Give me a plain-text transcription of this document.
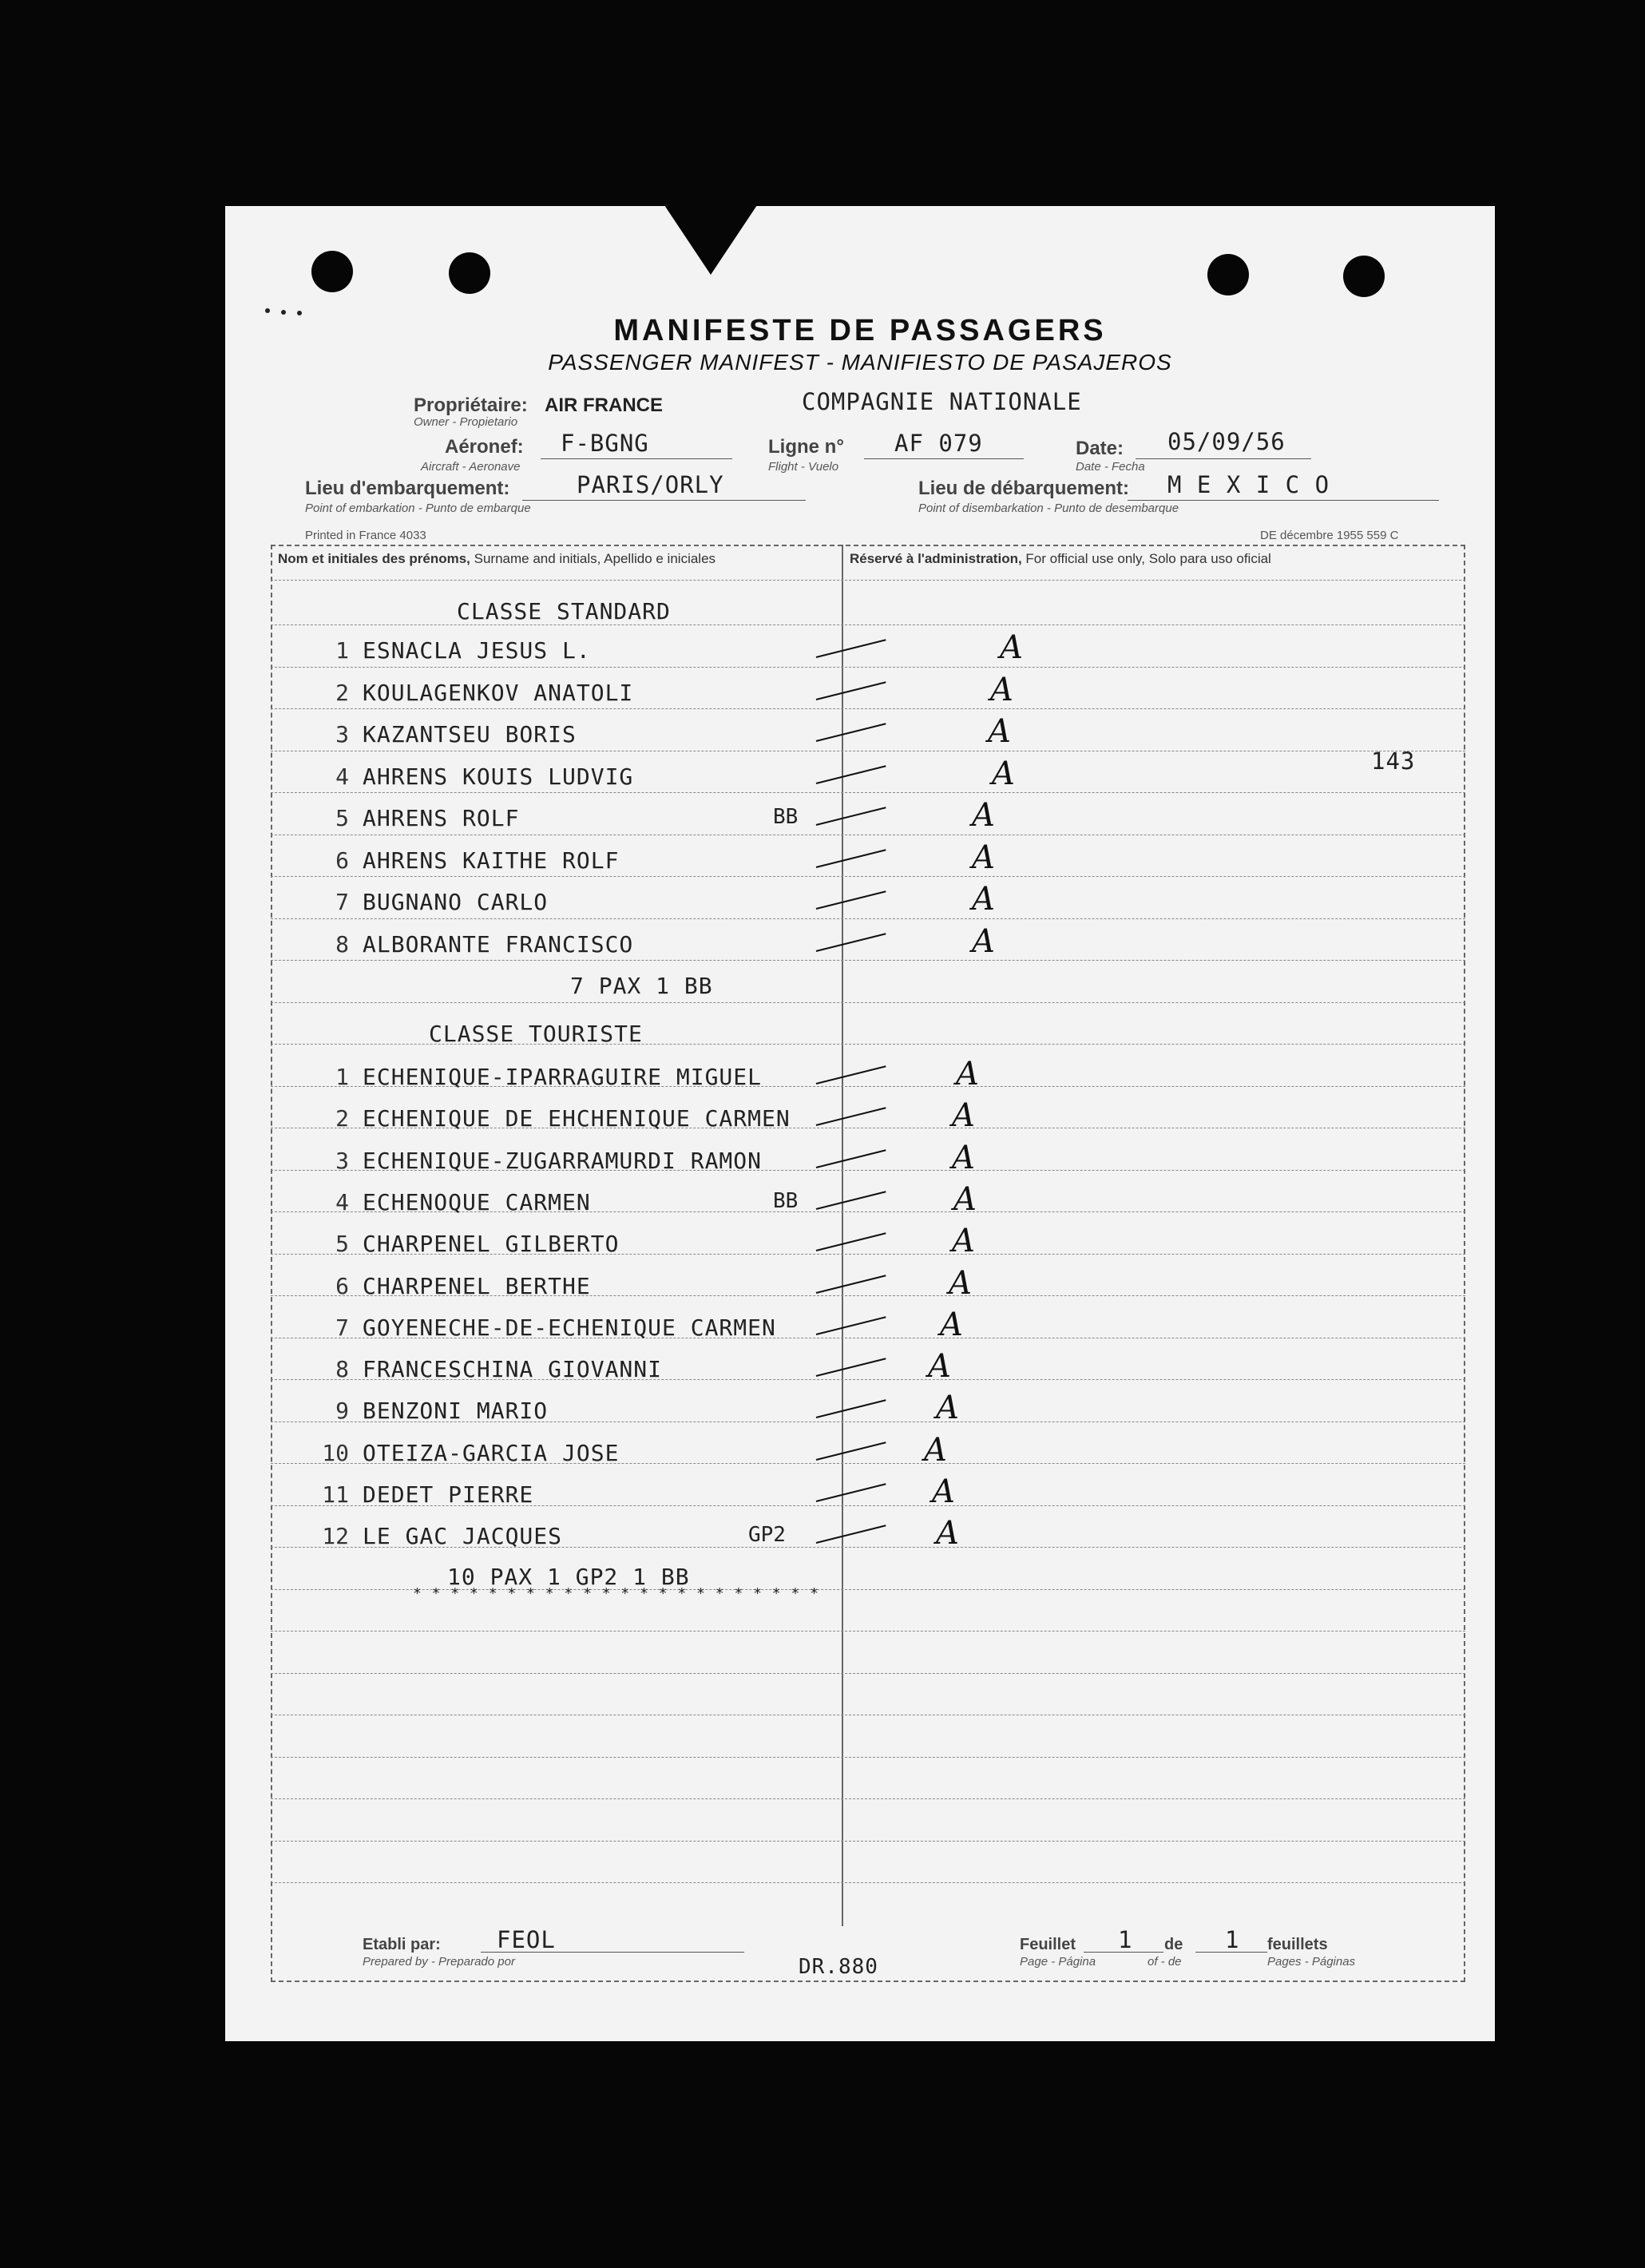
MANIFESTE DE PASSAGERS
PASSENGER MANIFEST - MANIFIESTO DE PASAJEROS
Propriétaire: AIR FRANCE	COMPAGNIE NATIONALE
Owner - Propietario
Aéronef: F-BGNG
Aircraft - Aeronave
Ligne n° AF 079
Flight - Vuelo
Date: 05/09/56
Date - Fecha
Lieu d'embarquement:	PARIS/ORLY
Point of embarkation - Punto de embarque
Lieu de débarquement: M E X I C O
Point of disembarkation - Punto de desembarque
Printed in France 4033	DE décembre 1955 559 C
Nom et initiales des prénoms, Surname and initials, Apellido e iniciales	Réservé à l'administration, For official use only, Solo para uso oficial
CLASSE STANDARD
1 ESNACLA JESUS L.	A
2 KOULAGENKOV ANATOLI	A
3 KAZANTSEU BORIS	A
4 AHRENS KOUIS LUDVIG	A
5 AHRENS ROLF	BB	A
6 AHRENS KAITHE ROLF	A
7 BUGNANO CARLO	A
8 ALBORANTE FRANCISCO	A
7 PAX 1 BB
CLASSE TOURISTE
1 ECHENIQUE-IPARRAGUIRE MIGUEL	A
2 ECHENIQUE DE EHCHENIQUE CARMEN	A
3 ECHENIQUE-ZUGARRAMURDI RAMON	A
4 ECHENOQUE CARMEN	BB	A
5 CHARPENEL GILBERTO	A
6 CHARPENEL BERTHE	A
7 GOYENECHE-DE-ECHENIQUE CARMEN	A
8 FRANCESCHINA GIOVANNI	A
9 BENZONI MARIO	A
10 OTEIZA-GARCIA JOSE	A
11 DEDET PIERRE	A
12 LE GAC JACQUES	GP2	A
10 PAX 1 GP2 1 BB
* * * * * * * * * * * * * * * * * * * * * *
143
Etabli par: FEOL
Prepared by - Preparado por	DR.880
Feuillet 1 de 1 feuillets
Page - Página	of - de	Pages - Páginas
